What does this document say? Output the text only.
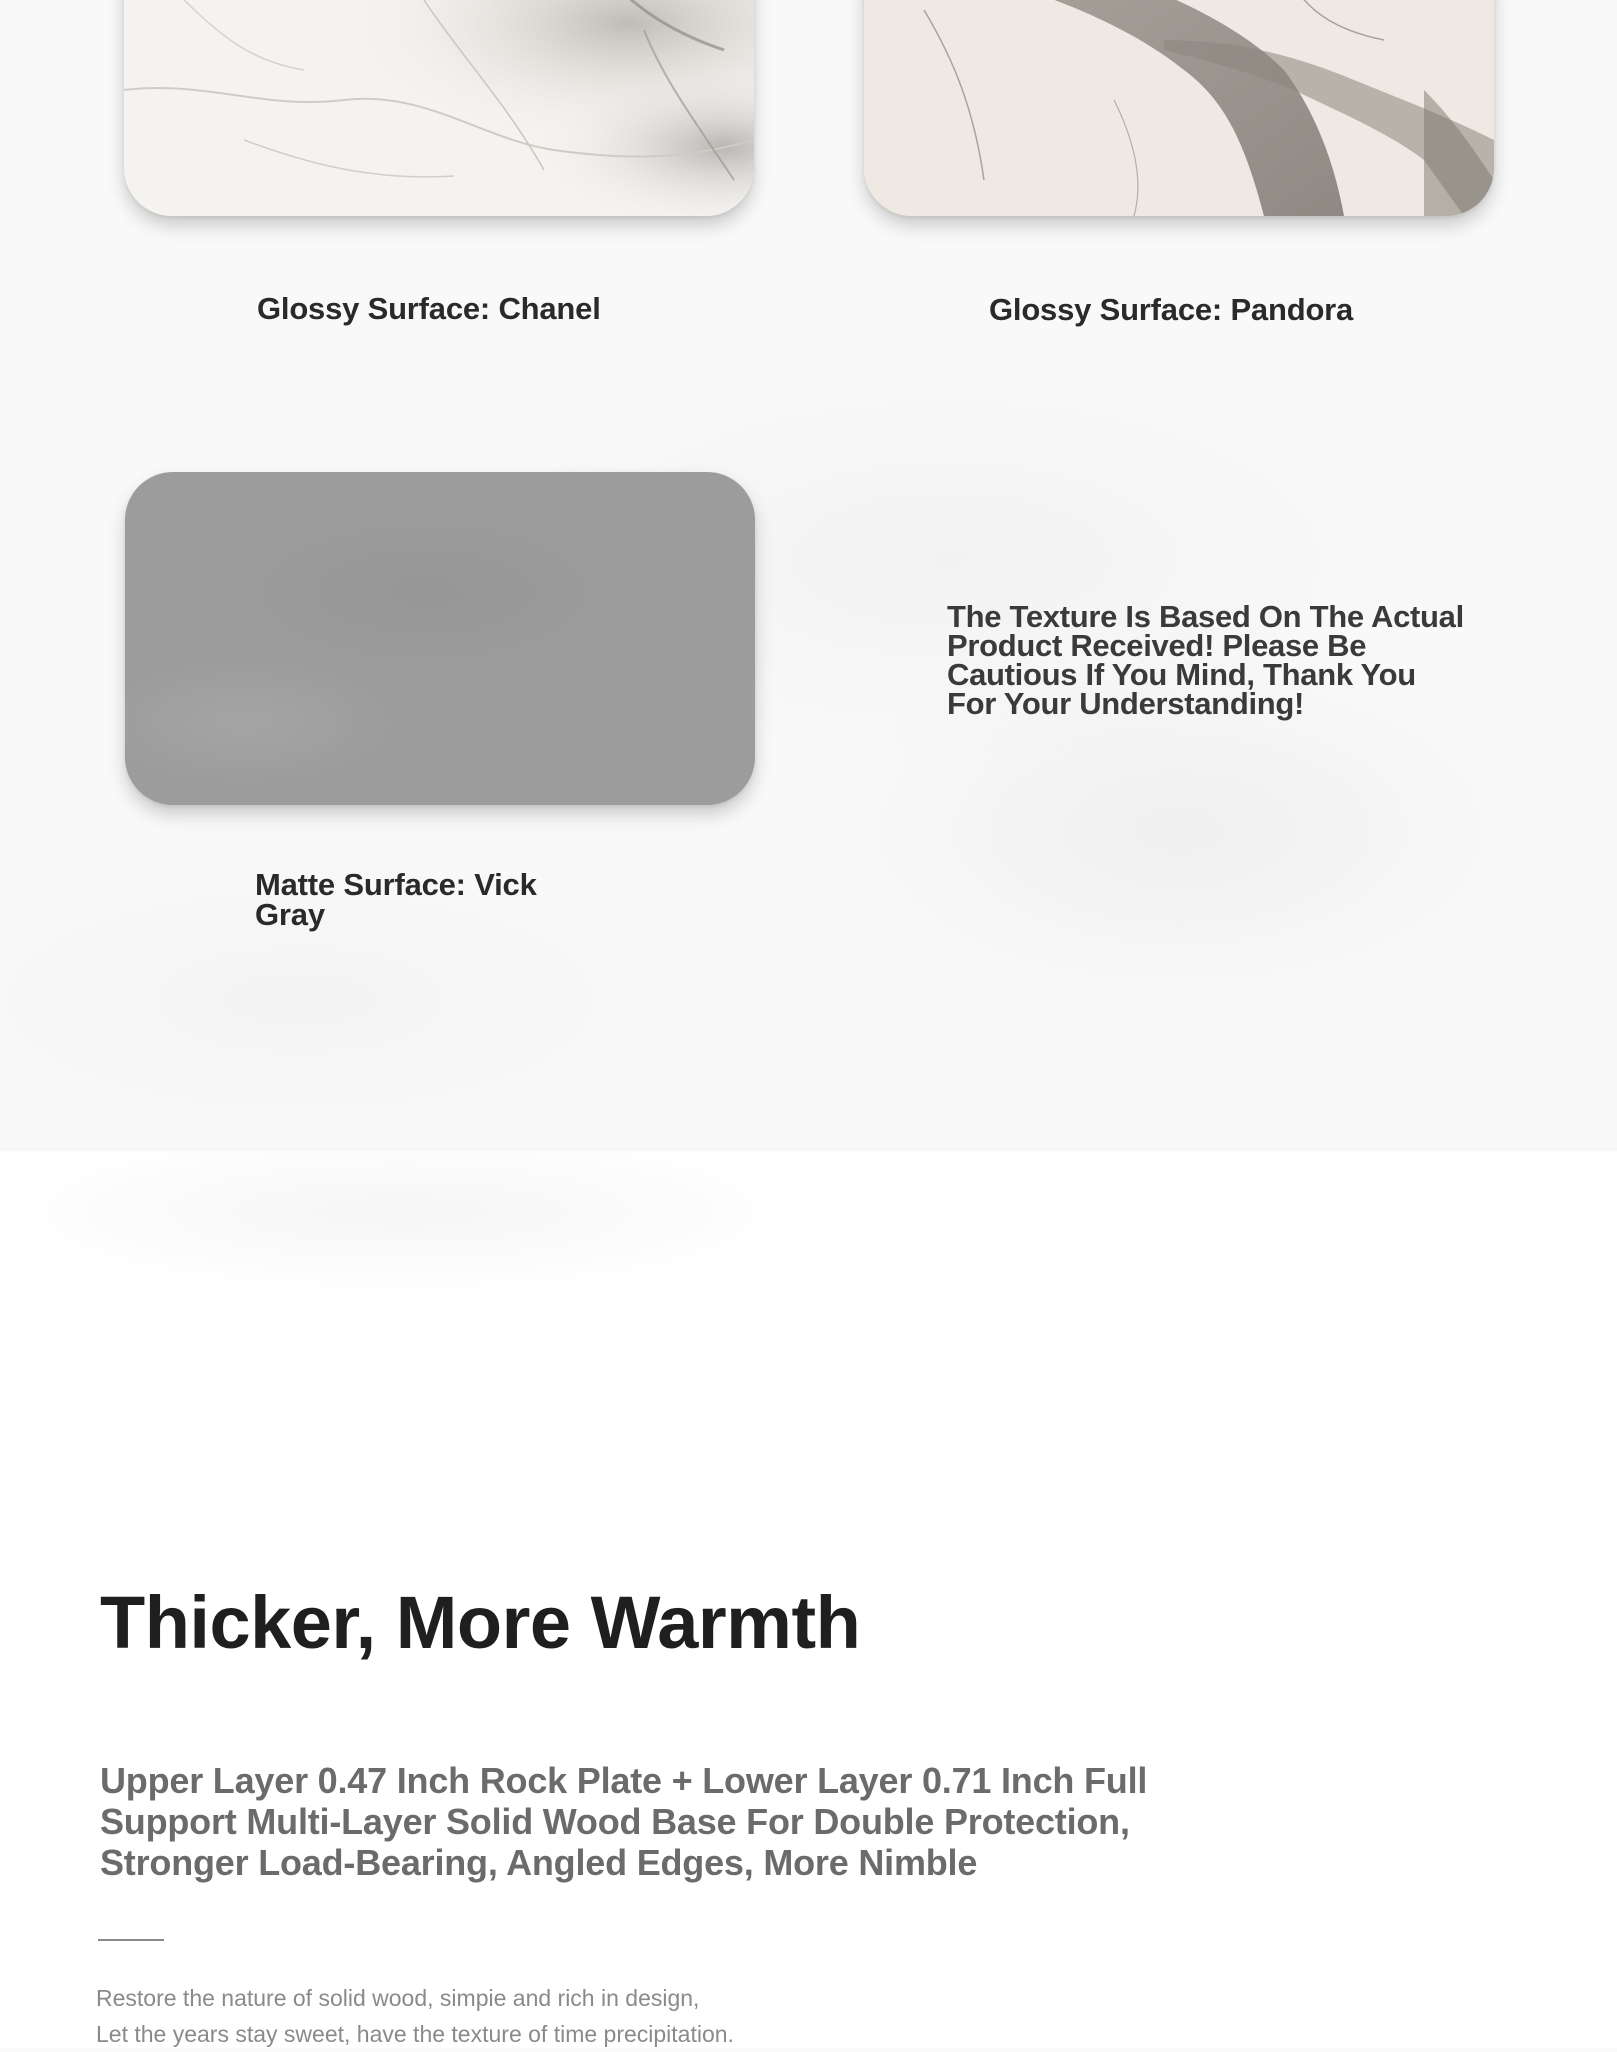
Glossy Surface: Chanel	Glossy Surface: Pandora
Matte Surface: Vick Gray
The Texture Is Based On The Actual Product Received! Please Be Cautious If You Mind, Thank You For Your Understanding!
Thicker, More Warmth

Upper Layer 0.47 Inch Rock Plate + Lower Layer 0.71 Inch Full Support Multi-Layer Solid Wood Base For Double Protection, Stronger Load-Bearing, Angled Edges, More Nimble

Restore the nature of solid wood, simpie and rich in design,
Let the years stay sweet, have the texture of time precipitation.
